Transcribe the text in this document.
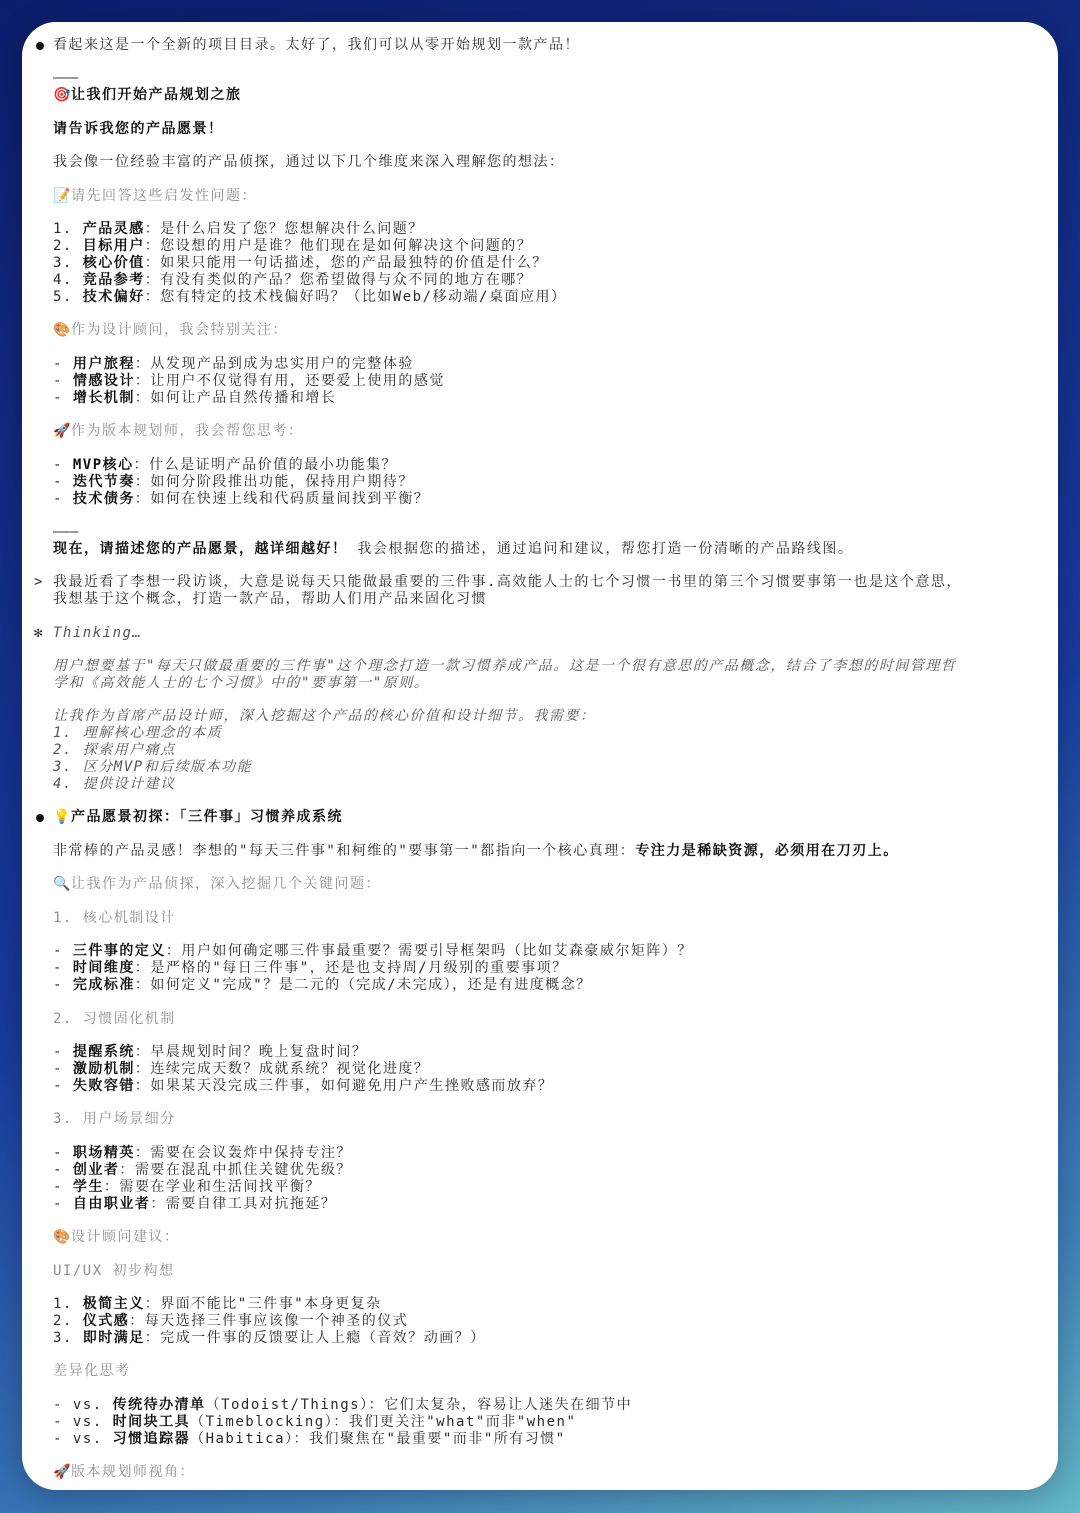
看起来这是一个全新的项目目录。太好了，我们可以从零开始规划一款产品！
———
🎯让我们开始产品规划之旅
请告诉我您的产品愿景！
我会像一位经验丰富的产品侦探，通过以下几个维度来深入理解您的想法：
📝请先回答这些启发性问题：
1. 产品灵感：是什么启发了您？您想解决什么问题？
2. 目标用户：您设想的用户是谁？他们现在是如何解决这个问题的？
3. 核心价值：如果只能用一句话描述，您的产品最独特的价值是什么？
4. 竞品参考：有没有类似的产品？您希望做得与众不同的地方在哪？
5. 技术偏好：您有特定的技术栈偏好吗？（比如Web/移动端/桌面应用）
🎨作为设计顾问，我会特别关注：
- 用户旅程：从发现产品到成为忠实用户的完整体验
- 情感设计：让用户不仅觉得有用，还要爱上使用的感觉
- 增长机制：如何让产品自然传播和增长
🚀作为版本规划师，我会帮您思考：
- MVP核心：什么是证明产品价值的最小功能集？
- 迭代节奏：如何分阶段推出功能，保持用户期待？
- 技术债务：如何在快速上线和代码质量间找到平衡？
———
现在，请描述您的产品愿景，越详细越好！ 我会根据您的描述，通过追问和建议，帮您打造一份清晰的产品路线图。
> 我最近看了李想一段访谈，大意是说每天只能做最重要的三件事.高效能人士的七个习惯一书里的第三个习惯要事第一也是这个意思，
我想基于这个概念，打造一款产品，帮助人们用产品来固化习惯
✻ Thinking…
用户想要基于"每天只做最重要的三件事"这个理念打造一款习惯养成产品。这是一个很有意思的产品概念，结合了李想的时间管理哲
学和《高效能人士的七个习惯》中的"要事第一"原则。
让我作为首席产品设计师，深入挖掘这个产品的核心价值和设计细节。我需要：
1. 理解核心理念的本质
2. 探索用户痛点
3. 区分MVP和后续版本功能
4. 提供设计建议
💡产品愿景初探：「三件事」习惯养成系统
非常棒的产品灵感！李想的"每天三件事"和柯维的"要事第一"都指向一个核心真理：专注力是稀缺资源，必须用在刀刃上。
🔍让我作为产品侦探，深入挖掘几个关键问题：
1. 核心机制设计
- 三件事的定义：用户如何确定哪三件事最重要？需要引导框架吗（比如艾森豪威尔矩阵）？
- 时间维度：是严格的"每日三件事"，还是也支持周/月级别的重要事项？
- 完成标准：如何定义"完成"？是二元的（完成/未完成），还是有进度概念？
2. 习惯固化机制
- 提醒系统：早晨规划时间？晚上复盘时间？
- 激励机制：连续完成天数？成就系统？视觉化进度？
- 失败容错：如果某天没完成三件事，如何避免用户产生挫败感而放弃？
3. 用户场景细分
- 职场精英：需要在会议轰炸中保持专注？
- 创业者：需要在混乱中抓住关键优先级？
- 学生：需要在学业和生活间找平衡？
- 自由职业者：需要自律工具对抗拖延？
🎨设计顾问建议：
UI/UX 初步构想
1. 极简主义：界面不能比"三件事"本身更复杂
2. 仪式感：每天选择三件事应该像一个神圣的仪式
3. 即时满足：完成一件事的反馈要让人上瘾（音效？动画？）
差异化思考
- vs. 传统待办清单（Todoist/Things）：它们太复杂，容易让人迷失在细节中
- vs. 时间块工具（Timeblocking）：我们更关注"what"而非"when"
- vs. 习惯追踪器（Habitica）：我们聚焦在"最重要"而非"所有习惯"
🚀版本规划师视角：
